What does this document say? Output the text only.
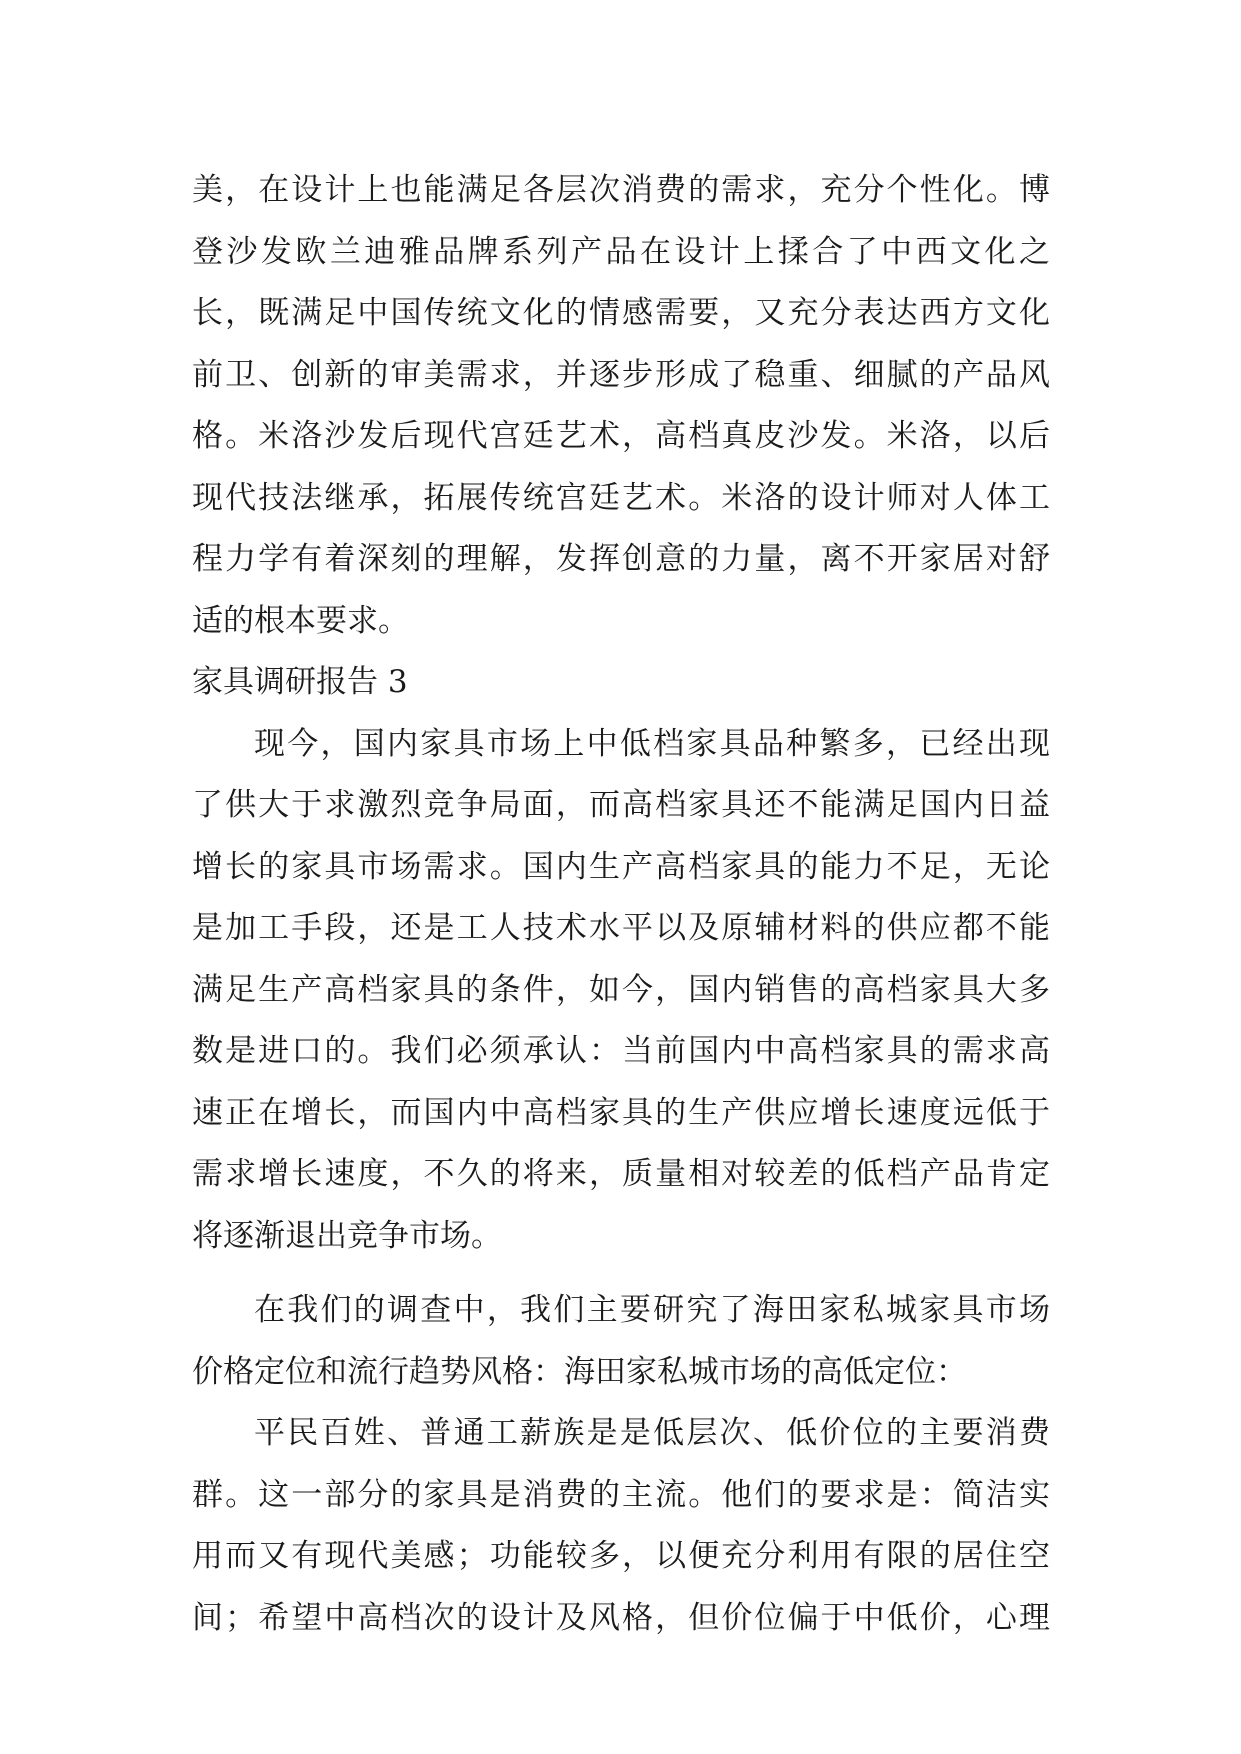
美，在设计上也能满足各层次消费的需求，充分个性化。博
登沙发欧兰迪雅品牌系列产品在设计上揉合了中西文化之
长，既满足中国传统文化的情感需要，又充分表达西方文化
前卫、创新的审美需求，并逐步形成了稳重、细腻的产品风
格。米洛沙发后现代宫廷艺术，高档真皮沙发。米洛，以后
现代技法继承，拓展传统宫廷艺术。米洛的设计师对人体工
程力学有着深刻的理解，发挥创意的力量，离不开家居对舒
适的根本要求。
家具调研报告 3
现今，国内家具市场上中低档家具品种繁多，已经出现
了供大于求激烈竞争局面，而高档家具还不能满足国内日益
增长的家具市场需求。国内生产高档家具的能力不足，无论
是加工手段，还是工人技术水平以及原辅材料的供应都不能
满足生产高档家具的条件，如今，国内销售的高档家具大多
数是进口的。我们必须承认：当前国内中高档家具的需求高
速正在增长，而国内中高档家具的生产供应增长速度远低于
需求增长速度，不久的将来，质量相对较差的低档产品肯定
将逐渐退出竞争市场。
在我们的调查中，我们主要研究了海田家私城家具市场
价格定位和流行趋势风格：海田家私城市场的高低定位：
平民百姓、普通工薪族是是低层次、低价位的主要消费
群。这一部分的家具是消费的主流。他们的要求是：简洁实
用而又有现代美感；功能较多，以便充分利用有限的居住空
间；希望中高档次的设计及风格，但价位偏于中低价，心理
